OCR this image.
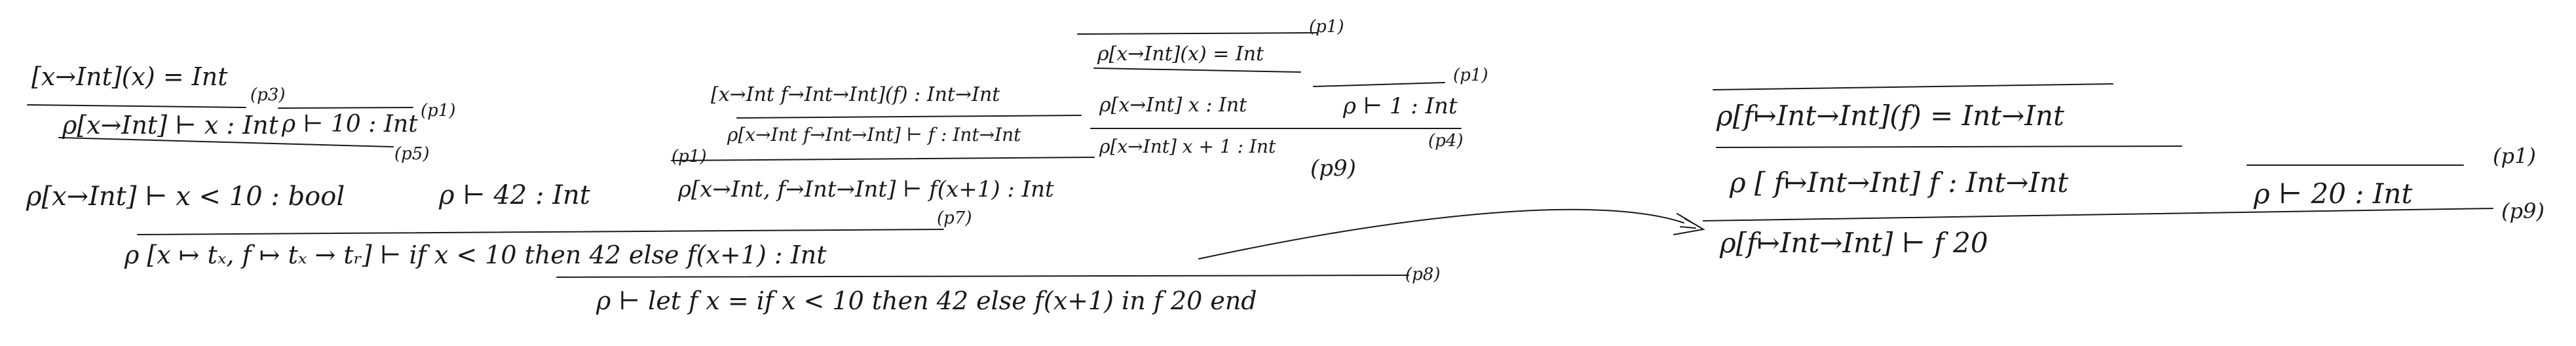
[x→Int](x) = Int
(p3)
ρ[x→Int] ⊢ x : Int ρ ⊢ 10 : Int (p1)
ρ[x→Int] ⊢ x < 10 : bool
(p5)
ρ ⊢ 42 : Int
(p1)
[x→Int f→Int→Int](f) : Int→Int
ρ[x→Int](x) = Int
(p1)
ρ[x→Int] x : Int	ρ ⊢ 1 : Int
(p1)
ρ[x→Int f→Int→Int] ⊢ f : Int→Int
ρ[x→Int] x + 1 : Int	(p4)
(p9)
ρ[x→Int, f→Int→Int] ⊢ f(x+1) : Int
(p7)
ρ [x ↦ tₓ, f ↦ tₓ → tᵣ] ⊢ if x < 10 then 42 else f(x+1) : Int
ρ ⊢ let f x = if x < 10 then 42 else f(x+1) in f 20 end
(p8)
ρ[f↦Int→Int](f) = Int→Int
ρ [ f↦Int→Int] f : Int→Int	ρ ⊢ 20 : Int
(p1)
(p9)
ρ[f↦Int→Int] ⊢ f 20
